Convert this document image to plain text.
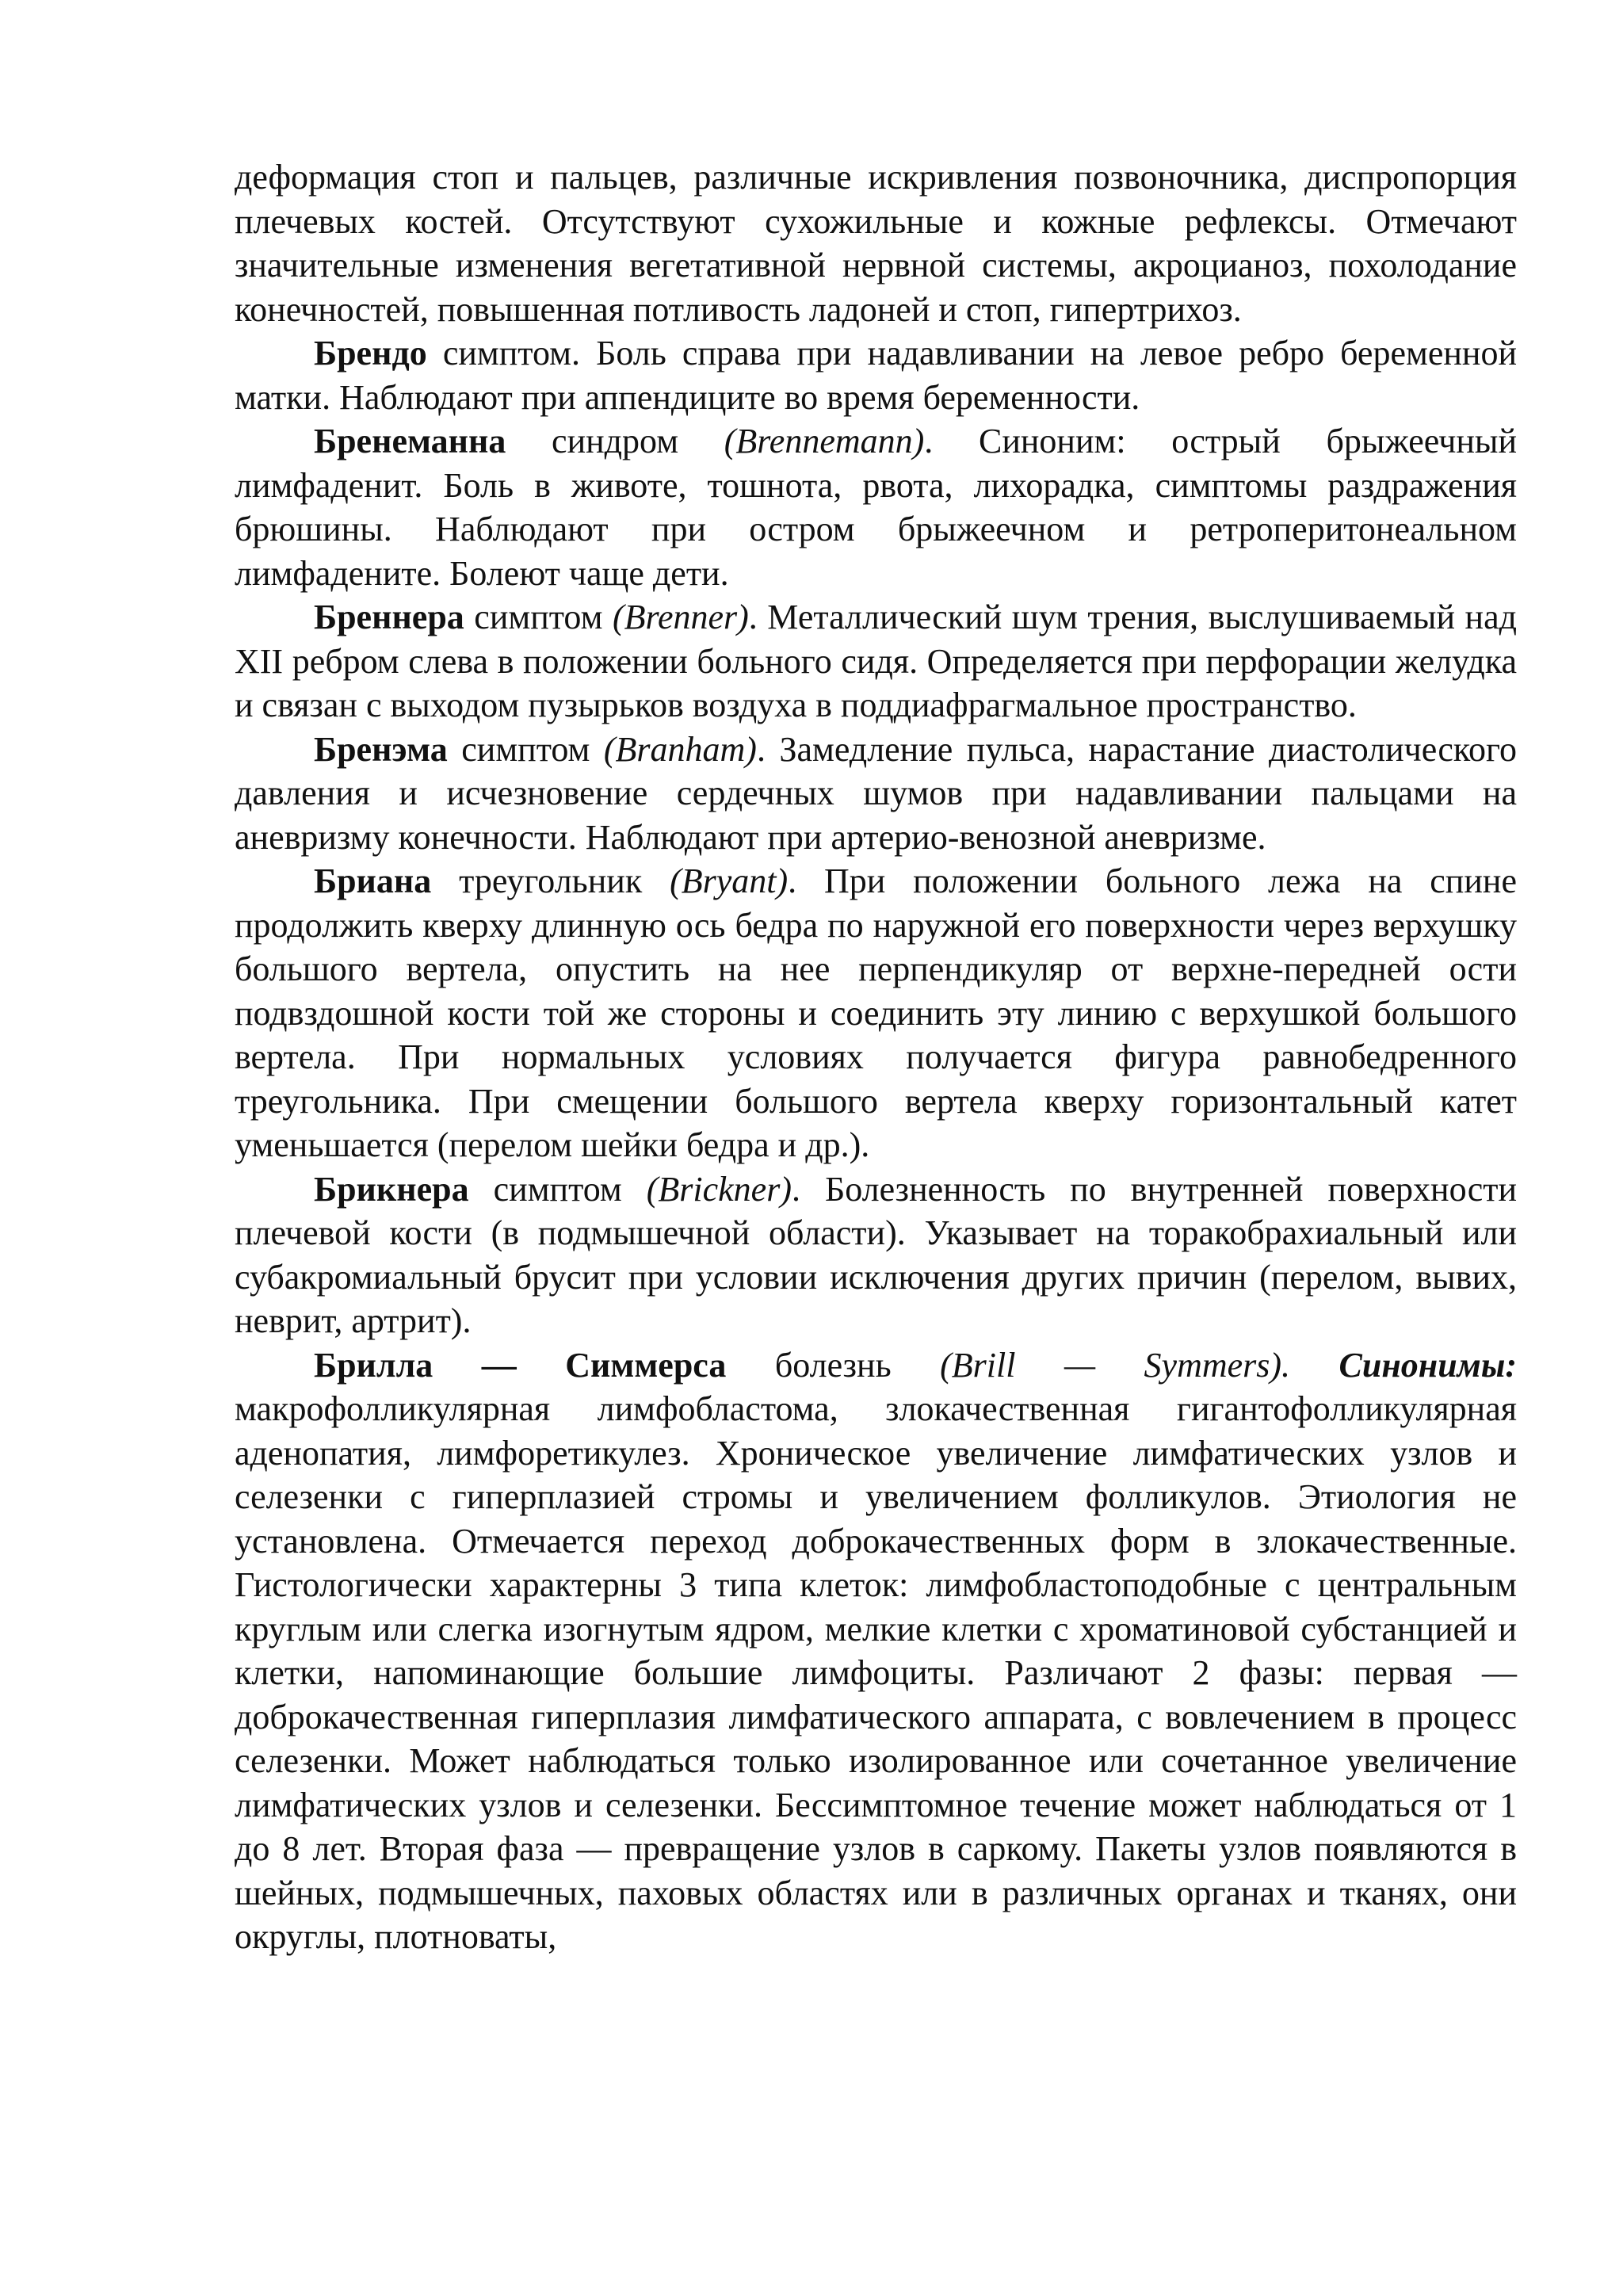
деформация стоп и пальцев, различные искривления позвоночника, диспропорция плечевых костей. Отсутствуют сухожильные и кожные рефлексы. Отмечают значительные изменения вегетативной нервной системы, акроцианоз, похолодание конечностей, повышенная потливость ладоней и стоп, гипертрихоз.

Брендо симптом. Боль справа при надавливании на левое ребро беременной матки. Наблюдают при аппендиците во время беременности.

Бренеманна синдром (Brennemann). Синоним: острый брыжеечный лимфаденит. Боль в животе, тошнота, рвота, лихорадка, симптомы раздражения брюшины. Наблюдают при остром брыжеечном и ретроперитонеальном лимфадените. Болеют чаще дети.

Бреннера симптом (Brenner). Металлический шум трения, выслушиваемый над XII ребром слева в положении больного сидя. Определяется при перфорации желудка и связан с выходом пузырьков воздуха в поддиафрагмальное пространство.

Бренэма симптом (Branham). Замедление пульса, нарастание диастолического давления и исчезновение сердечных шумов при надавливании пальцами на аневризму конечности. Наблюдают при артерио-венозной аневризме.

Бриана треугольник (Bryant). При положении больного лежа на спине продолжить кверху длинную ось бедра по наружной его поверхности через верхушку большого вертела, опустить на нее перпендикуляр от верхне-передней ости подвздошной кости той же стороны и соединить эту линию с верхушкой большого вертела. При нормальных условиях получается фигура равнобедренного треугольника. При смещении большого вертела кверху горизонтальный катет уменьшается (перелом шейки бедра и др.).

Брикнера симптом (Brickner). Болезненность по внутренней поверхности плечевой кости (в подмышечной области). Указывает на торакобрахиальный или субакромиальный брусит при условии исключения других причин (перелом, вывих, неврит, артрит).

Брилла — Симмерса болезнь (Brill — Symmers). Синонимы: макрофолликулярная лимфобластома, злокачественная гигантофолликулярная аденопатия, лимфоретикулез. Хроническое увеличение лимфатических узлов и селезенки с гиперплазией стромы и увеличением фолликулов. Этиология не установлена. Отмечается переход доброкачественных форм в злокачественные. Гистологически характерны 3 типа клеток: лимфобластоподобные с центральным круглым или слегка изогнутым ядром, мелкие клетки с хроматиновой субстанцией и клетки, напоминающие большие лимфоциты. Различают 2 фазы: первая — доброкачественная гиперплазия лимфатического аппарата, с вовлечением в процесс селезенки. Может наблюдаться только изолированное или сочетанное увеличение лимфатических узлов и селезенки. Бессимптомное течение может наблюдаться от 1 до 8 лет. Вторая фаза — превращение узлов в саркому. Пакеты узлов появляются в шейных, подмышечных, паховых областях или в различных органах и тканях, они округлы, плотноваты,
